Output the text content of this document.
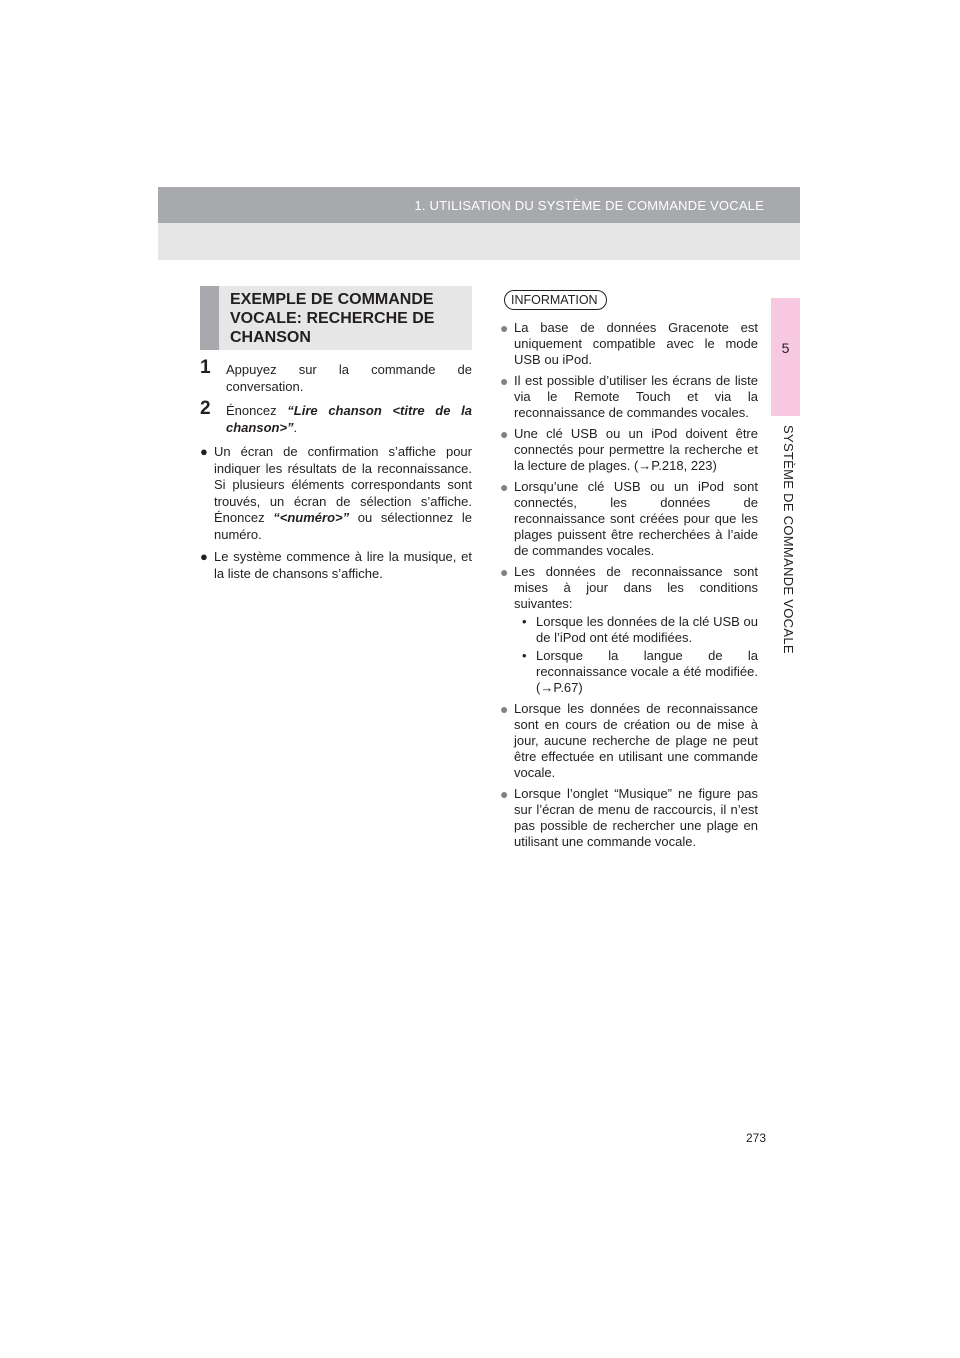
1. UTILISATION DU SYSTÈME DE COMMANDE VOCALE
5
SYSTÈME DE COMMANDE VOCALE
EXEMPLE DE COMMANDE VOCALE: RECHERCHE DE CHANSON
1 Appuyez sur la commande de conversation.
2 Énoncez “Lire chanson <titre de la chanson>”.
● Un écran de confirmation s’affiche pour indiquer les résultats de la reconnaissance. Si plusieurs éléments correspondants sont trouvés, un écran de sélection s’affiche. Énoncez “<numéro>” ou sélectionnez le numéro.
● Le système commence à lire la musique, et la liste de chansons s’affiche.
INFORMATION
● La base de données Gracenote est uniquement compatible avec le mode USB ou iPod.
● Il est possible d’utiliser les écrans de liste via le Remote Touch et via la reconnaissance de commandes vocales.
● Une clé USB ou un iPod doivent être connectés pour permettre la recherche et la lecture de plages. (→P.218, 223)
● Lorsqu’une clé USB ou un iPod sont connectés, les données de reconnaissance sont créées pour que les plages puissent être recherchées à l’aide de commandes vocales.
● Les données de reconnaissance sont mises à jour dans les conditions suivantes:
• Lorsque les données de la clé USB ou de l’iPod ont été modifiées.
• Lorsque la langue de la reconnaissance vocale a été modifiée. (→P.67)
● Lorsque les données de reconnaissance sont en cours de création ou de mise à jour, aucune recherche de plage ne peut être effectuée en utilisant une commande vocale.
● Lorsque l’onglet “Musique” ne figure pas sur l’écran de menu de raccourcis, il n’est pas possible de rechercher une plage en utilisant une commande vocale.
273
